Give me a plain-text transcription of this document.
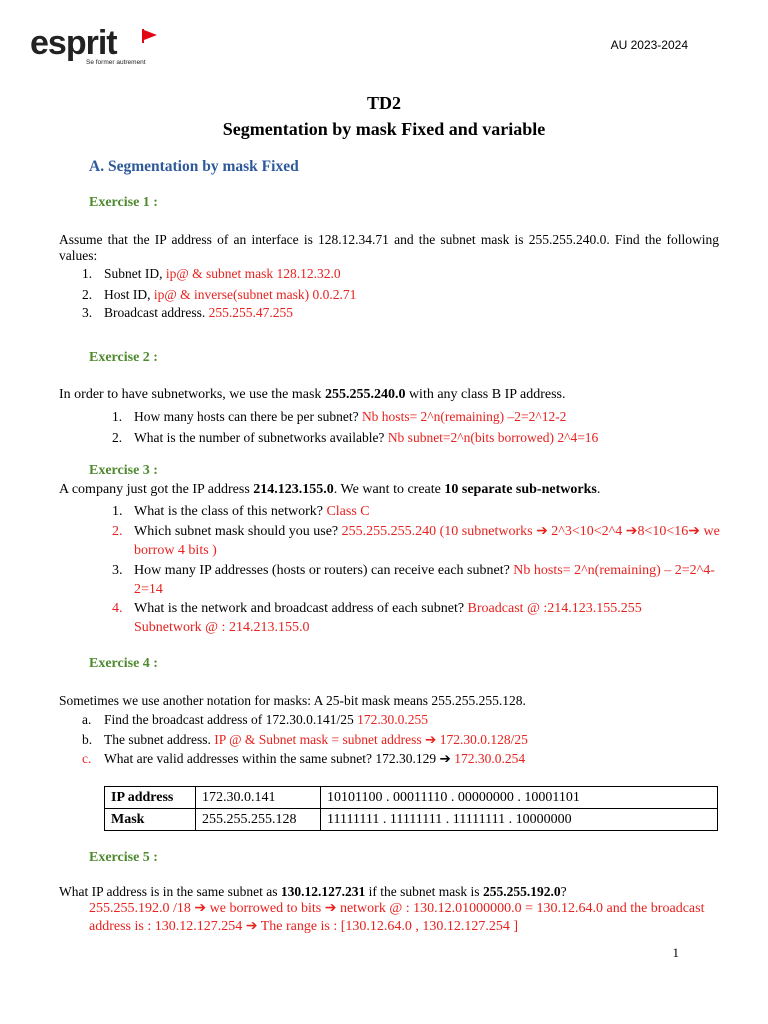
esprit
Se former autrement
AU 2023-2024
TD2
Segmentation by mask Fixed and variable
A. Segmentation by mask Fixed
Exercise 1 :
Assume that the IP address of an interface is 128.12.34.71 and the subnet mask is 255.255.240.0. Find the following values:
1. Subnet ID, ip@ & subnet mask 128.12.32.0
2. Host ID, ip@ & inverse(subnet mask) 0.0.2.71
3. Broadcast address. 255.255.47.255
Exercise 2 :
In order to have subnetworks, we use the mask 255.255.240.0 with any class B IP address.
1. How many hosts can there be per subnet? Nb hosts= 2^n(remaining) –2=2^12-2
2. What is the number of subnetworks available? Nb subnet=2^n(bits borrowed) 2^4=16
Exercise 3 :
A company just got the IP address 214.123.155.0. We want to create 10 separate sub-networks.
1. What is the class of this network? Class C
2. Which subnet mask should you use? 255.255.255.240 (10 subnetworks ➔ 2^3<10<2^4 ➔8<10<16➔ we borrow 4 bits )
3. How many IP addresses (hosts or routers) can receive each subnet? Nb hosts= 2^n(remaining) – 2=2^4-2=14
4. What is the network and broadcast address of each subnet? Broadcast @ :214.123.155.255 Subnetwork @ : 214.213.155.0
Exercise 4 :
Sometimes we use another notation for masks: A 25-bit mask means 255.255.255.128.
a. Find the broadcast address of 172.30.0.141/25 172.30.0.255
b. The subnet address. IP @ & Subnet mask = subnet address ➔ 172.30.0.128/25
c. What are valid addresses within the same subnet? 172.30.129 ➔ 172.30.0.254
IP address	172.30.0.141	10101100 . 00011110 . 00000000 . 10001101
Mask	255.255.255.128	11111111 . 11111111 . 11111111 . 10000000
Exercise 5 :
What IP address is in the same subnet as 130.12.127.231 if the subnet mask is 255.255.192.0?
255.255.192.0 /18 ➔ we borrowed to bits ➔ network @ : 130.12.01000000.0 = 130.12.64.0 and the broadcast address is : 130.12.127.254 ➔ The range is : [130.12.64.0 , 130.12.127.254 ]
1
